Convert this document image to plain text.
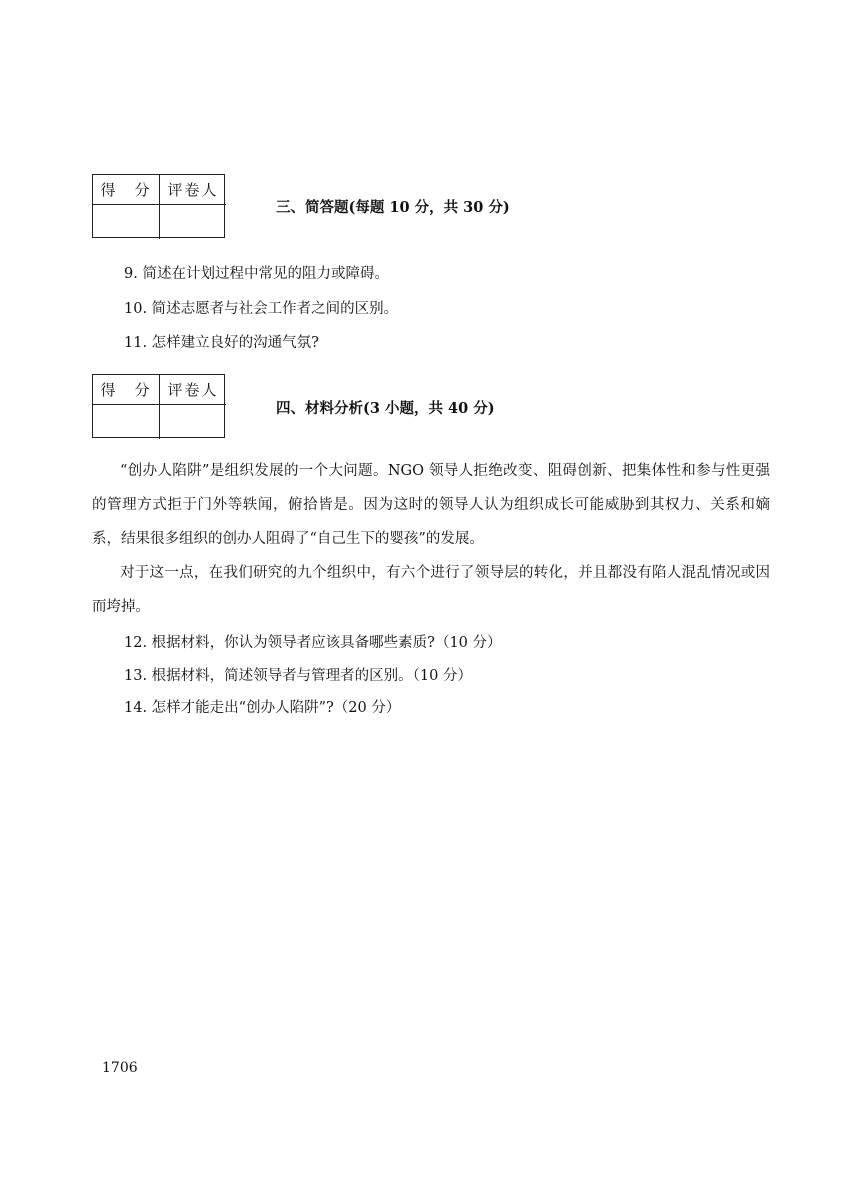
得　分	评卷人
三、简答题(每题 10 分，共 30 分)
9. 简述在计划过程中常见的阻力或障碍。
10. 简述志愿者与社会工作者之间的区别。
11. 怎样建立良好的沟通气氛?
得　分	评卷人
四、材料分析(3 小题，共 40 分)
“创办人陷阱”是组织发展的一个大问题。NGO 领导人拒绝改变、阻碍创新、把集体性和参与性更强的管理方式拒于门外等轶闻，俯拾皆是。因为这时的领导人认为组织成长可能威胁到其权力、关系和嫡系，结果很多组织的创办人阻碍了“自己生下的婴孩”的发展。
对于这一点，在我们研究的九个组织中，有六个进行了领导层的转化，并且都没有陷人混乱情况或因而垮掉。
12. 根据材料，你认为领导者应该具备哪些素质?（10 分）
13. 根据材料，简述领导者与管理者的区别。（10 分）
14. 怎样才能走出“创办人陷阱”?（20 分）
1706
